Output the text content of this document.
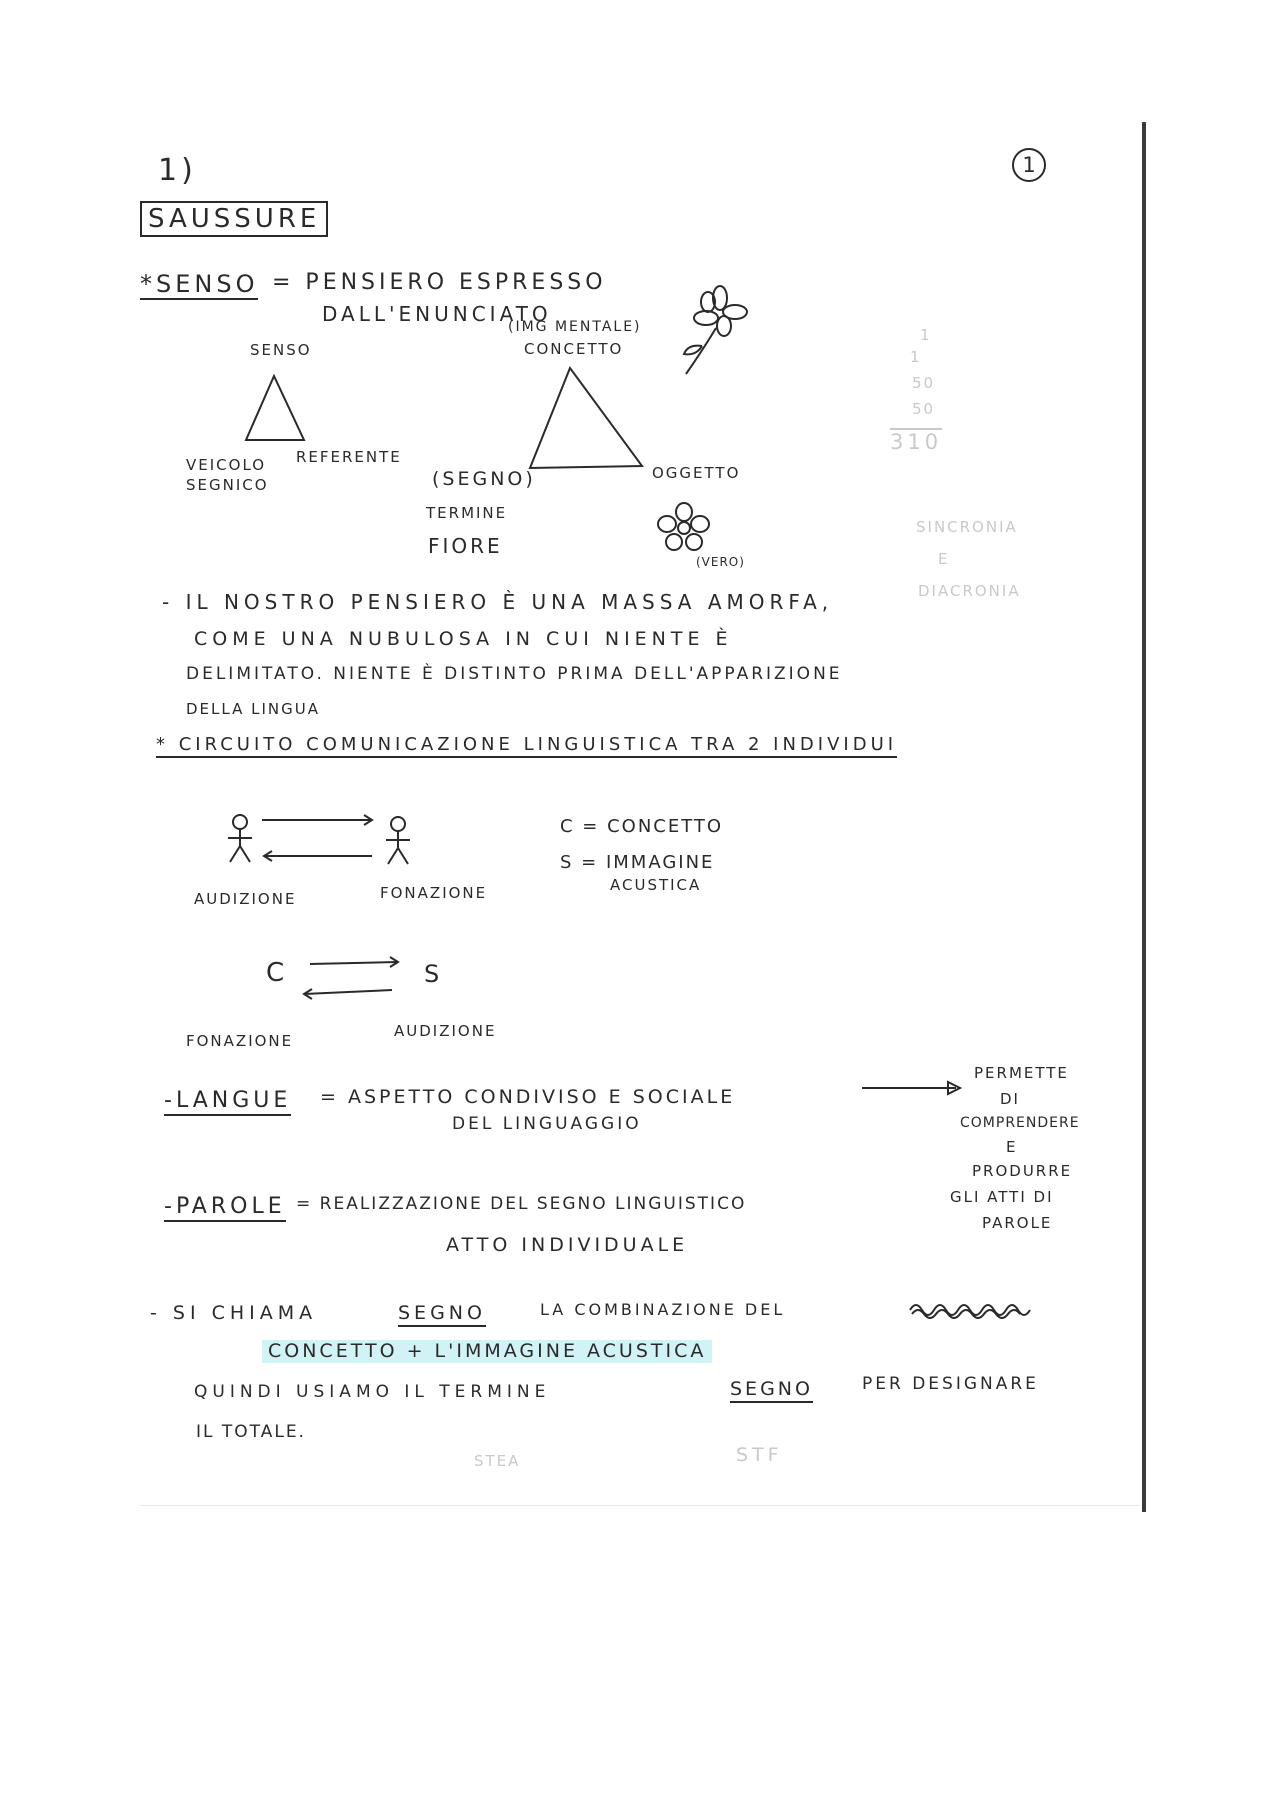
1)	1
SAUSSURE
*SENSO = PENSIERO ESPRESSO
DALL'ENUNCIATO
SENSO
VEICOLO SEGNICO
REFERENTE
(IMG MENTALE)
CONCETTO
(SEGNO)
TERMINE
FIORE
OGGETTO
(VERO)
1
1
50
50
310
SINCRONIA
E
DIACRONIA
- IL NOSTRO PENSIERO È UNA MASSA AMORFA,
COME UNA NUBULOSA IN CUI NIENTE È
DELIMITATO. NIENTE È DISTINTO PRIMA DELL'APPARIZIONE
DELLA LINGUA
* CIRCUITO COMUNICAZIONE LINGUISTICA TRA 2 INDIVIDUI
AUDIZIONE	FONAZIONE
C = CONCETTO
S = IMMAGINE
ACUSTICA
C	S
FONAZIONE
AUDIZIONE
-LANGUE = ASPETTO CONDIVISO E SOCIALE
DEL LINGUAGGIO
PERMETTE
DI
COMPRENDERE
E
PRODURRE
GLI ATTI DI
PAROLE
-PAROLE = REALIZZAZIONE DEL SEGNO LINGUISTICO
ATTO INDIVIDUALE
- SI CHIAMA	SEGNO	LA COMBINAZIONE DEL
CONCETTO + L'IMMAGINE ACUSTICA
QUINDI USIAMO IL TERMINE	SEGNO	PER DESIGNARE
IL TOTALE.
STEA	STF
